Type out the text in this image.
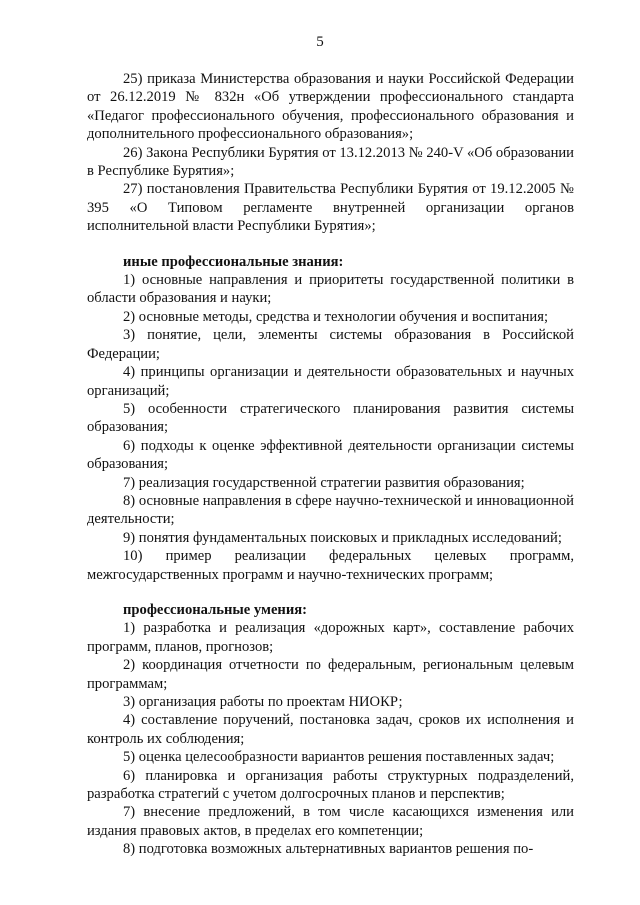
5

25) приказа Министерства образования и науки Российской Федерации от 26.12.2019 № 832н «Об утверждении профессионального стандарта «Педагог профессионального обучения, профессионального образования и дополнительного профессионального образования»;

26) Закона Республики Бурятия от 13.12.2013 № 240-V «Об образовании в Республике Бурятия»;

27) постановления Правительства Республики Бурятия от 19.12.2005 № 395 «О Типовом регламенте внутренней организации органов исполнительной власти Республики Бурятия»;

иные профессиональные знания:

1) основные направления и приоритеты государственной политики в области образования и науки;

2) основные методы, средства и технологии обучения и воспитания;

3) понятие, цели, элементы системы образования в Российской Федерации;

4) принципы организации и деятельности образовательных и научных организаций;

5) особенности стратегического планирования развития системы образования;

6) подходы к оценке эффективной деятельности организации системы образования;

7) реализация государственной стратегии развития образования;

8) основные направления в сфере научно-технической и инновационной деятельности;

9) понятия фундаментальных поисковых и прикладных исследований;

10) пример реализации федеральных целевых программ, межгосударственных программ и научно-технических программ;

профессиональные умения:

1) разработка и реализация «дорожных карт», составление рабочих программ, планов, прогнозов;

2) координация отчетности по федеральным, региональным целевым программам;

3) организация работы по проектам НИОКР;

4) составление поручений, постановка задач, сроков их исполнения и контроль их соблюдения;

5) оценка целесообразности вариантов решения поставленных задач;

6) планировка и организация работы структурных подразделений, разработка стратегий с учетом долгосрочных планов и перспектив;

7) внесение предложений, в том числе касающихся изменения или издания правовых актов, в пределах его компетенции;

8) подготовка возможных альтернативных вариантов решения по-
